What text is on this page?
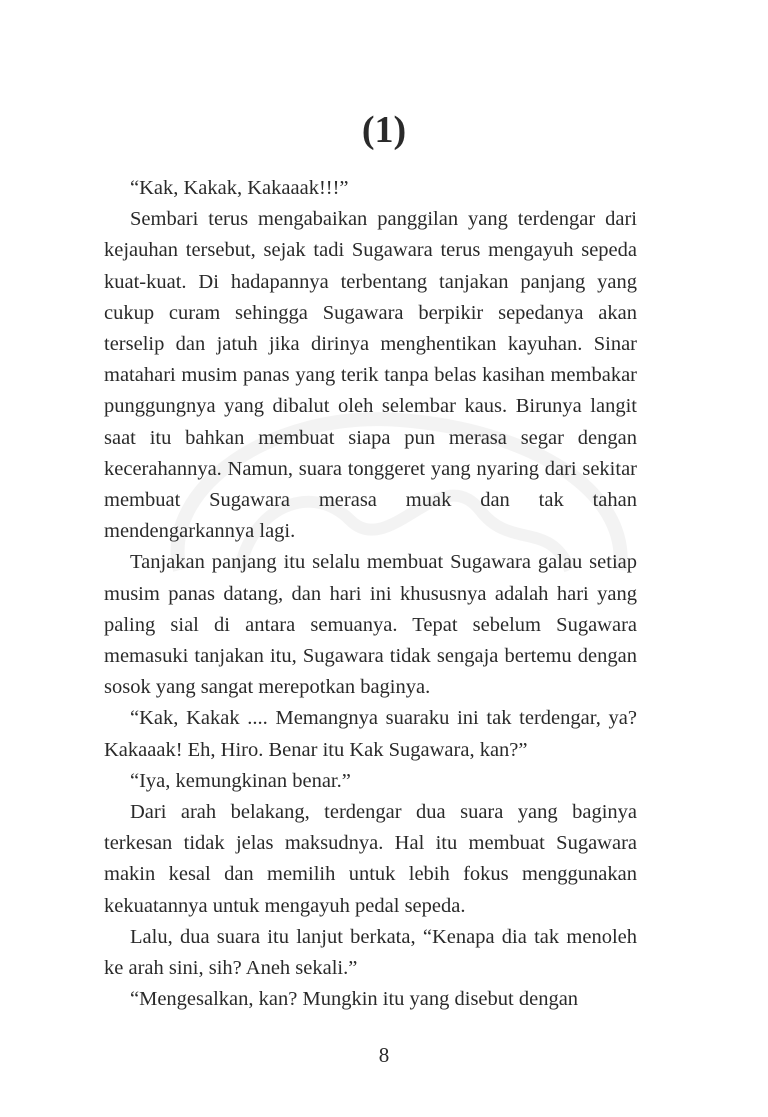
(1)

“Kak, Kakak, Kakaaak!!!”

Sembari terus mengabaikan panggilan yang terdengar dari kejauhan tersebut, sejak tadi Sugawara terus mengayuh sepeda kuat-kuat. Di hadapannya terbentang tanjakan panjang yang cukup curam sehingga Sugawara berpikir sepedanya akan terselip dan jatuh jika dirinya menghentikan kayuhan. Sinar matahari musim panas yang terik tanpa belas kasihan membakar punggungnya yang dibalut oleh selembar kaus. Birunya langit saat itu bahkan membuat siapa pun merasa segar dengan kecerahannya. Namun, suara tonggeret yang nyaring dari sekitar membuat Sugawara merasa muak dan tak tahan mendengarkannya lagi.

Tanjakan panjang itu selalu membuat Sugawara galau setiap musim panas datang, dan hari ini khususnya adalah hari yang paling sial di antara semuanya. Tepat sebelum Sugawara memasuki tanjakan itu, Sugawara tidak sengaja bertemu dengan sosok yang sangat merepotkan baginya.

“Kak, Kakak .... Memangnya suaraku ini tak terdengar, ya? Kakaaak! Eh, Hiro. Benar itu Kak Sugawara, kan?”

“Iya, kemungkinan benar.”

Dari arah belakang, terdengar dua suara yang baginya terkesan tidak jelas maksudnya. Hal itu membuat Sugawara makin kesal dan memilih untuk lebih fokus menggunakan kekuatannya untuk mengayuh pedal sepeda.

Lalu, dua suara itu lanjut berkata, “Kenapa dia tak menoleh ke arah sini, sih? Aneh sekali.”

“Mengesalkan, kan? Mungkin itu yang disebut dengan

8
